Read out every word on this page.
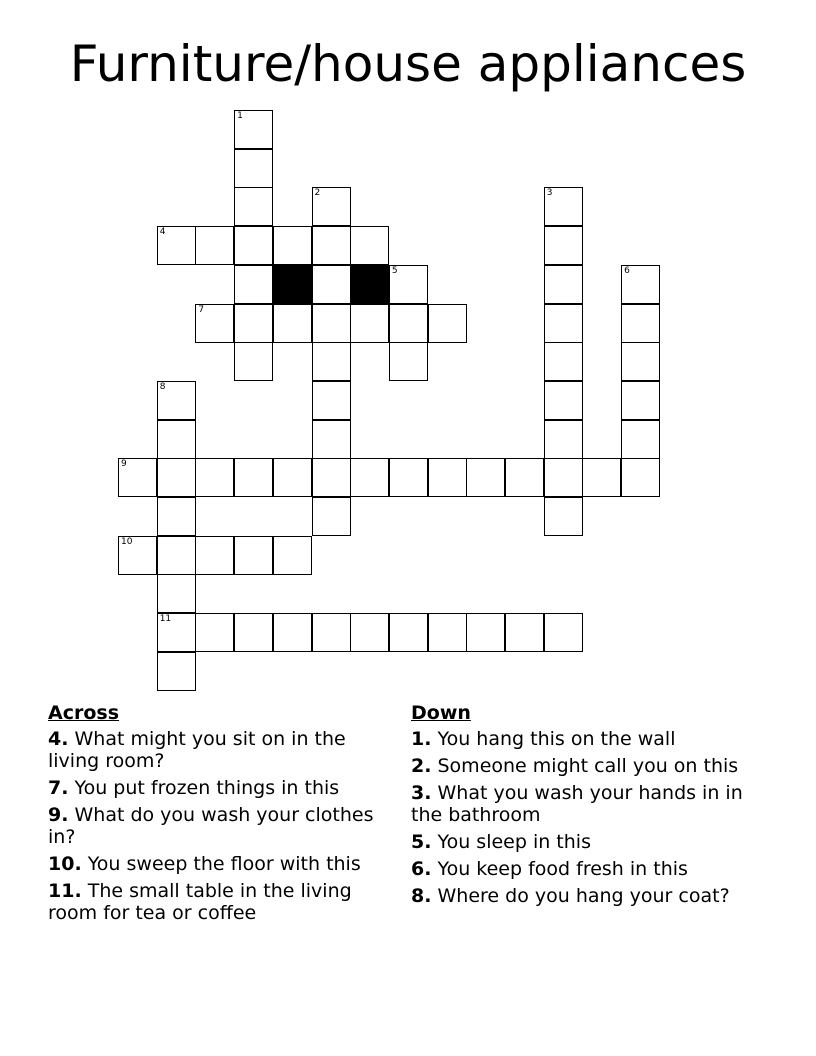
Furniture/house appliances
1
2	3
4
5	6
7
8
11
9
10
Across
4. What might you sit on in the living room?
7. You put frozen things in this
9. What do you wash your clothes in?
10. You sweep the floor with this
11. The small table in the living room for tea or coffee
Down
1. You hang this on the wall
2. Someone might call you on this
3. What you wash your hands in in the bathroom
5. You sleep in this
6. You keep food fresh in this
8. Where do you hang your coat?
